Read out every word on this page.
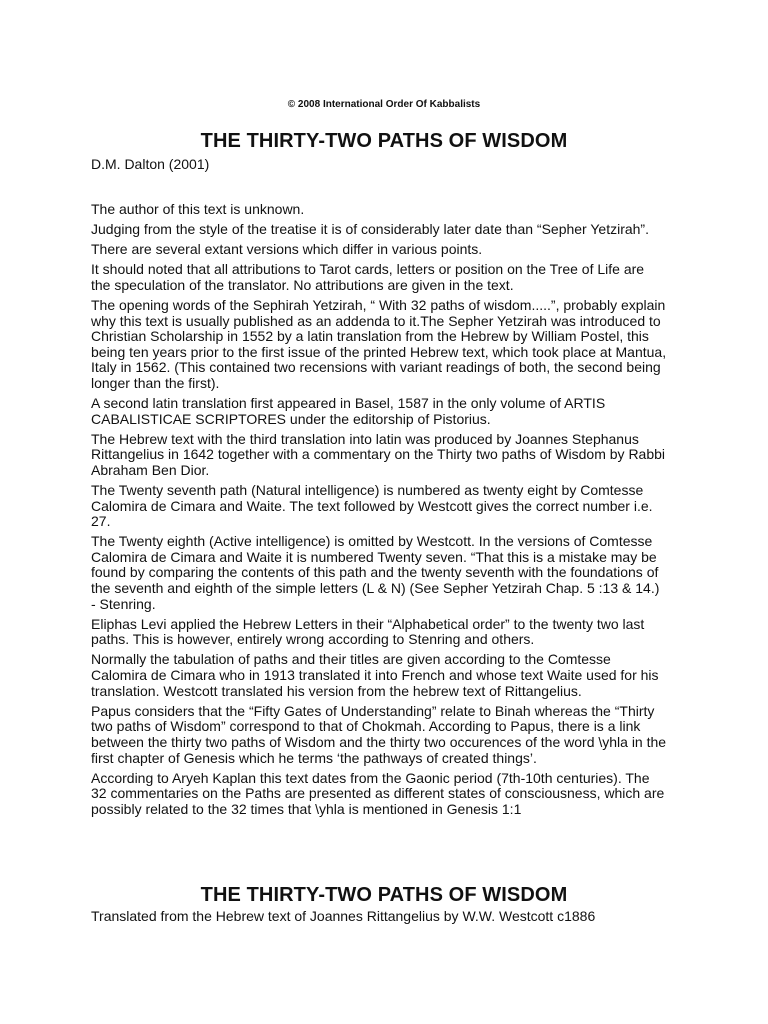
© 2008 International Order Of Kabbalists
THE THIRTY-TWO PATHS OF WISDOM
D.M. Dalton (2001)

The author of this text is unknown.

Judging from the style of the treatise it is of considerably later date than “Sepher Yetzirah”.

There are several extant versions which differ in various points.

It should noted that all attributions to Tarot cards, letters or position on the Tree of Life are
the speculation of the translator. No attributions are given in the text.

The opening words of the Sephirah Yetzirah, “ With 32 paths of wisdom.....”, probably explain
why this text is usually published as an addenda to it.The Sepher Yetzirah was introduced to
Christian Scholarship in 1552 by a latin translation from the Hebrew by William Postel, this
being ten years prior to the first issue of the printed Hebrew text, which took place at Mantua,
Italy in 1562. (This contained two recensions with variant readings of both, the second being
longer than the first).

A second latin translation first appeared in Basel, 1587 in the only volume of ARTIS
CABALISTICAE SCRIPTORES under the editorship of Pistorius.

The Hebrew text with the third translation into latin was produced by Joannes Stephanus
Rittangelius in 1642 together with a commentary on the Thirty two paths of Wisdom by Rabbi
Abraham Ben Dior.

The Twenty seventh path (Natural intelligence) is numbered as twenty eight by Comtesse
Calomira de Cimara and Waite. The text followed by Westcott gives the correct number i.e.
27.

The Twenty eighth (Active intelligence) is omitted by Westcott. In the versions of Comtesse
Calomira de Cimara and Waite it is numbered Twenty seven. “That this is a mistake may be
found by comparing the contents of this path and the twenty seventh with the foundations of
the seventh and eighth of the simple letters (L & N) (See Sepher Yetzirah Chap. 5 :13 & 14.)
- Stenring.

Eliphas Levi applied the Hebrew Letters in their “Alphabetical order” to the twenty two last
paths. This is however, entirely wrong according to Stenring and others.

Normally the tabulation of paths and their titles are given according to the Comtesse
Calomira de Cimara who in 1913 translated it into French and whose text Waite used for his
translation. Westcott translated his version from the hebrew text of Rittangelius.

Papus considers that the “Fifty Gates of Understanding” relate to Binah whereas the “Thirty
two paths of Wisdom” correspond to that of Chokmah. According to Papus, there is a link
between the thirty two paths of Wisdom and the thirty two occurences of the word \yhla in the
first chapter of Genesis which he terms ‘the pathways of created things’.

According to Aryeh Kaplan this text dates from the Gaonic period (7th-10th centuries). The
32 commentaries on the Paths are presented as different states of consciousness, which are
possibly related to the 32 times that \yhla is mentioned in Genesis 1:1

THE THIRTY-TWO PATHS OF WISDOM
Translated from the Hebrew text of Joannes Rittangelius by W.W. Westcott c1886
